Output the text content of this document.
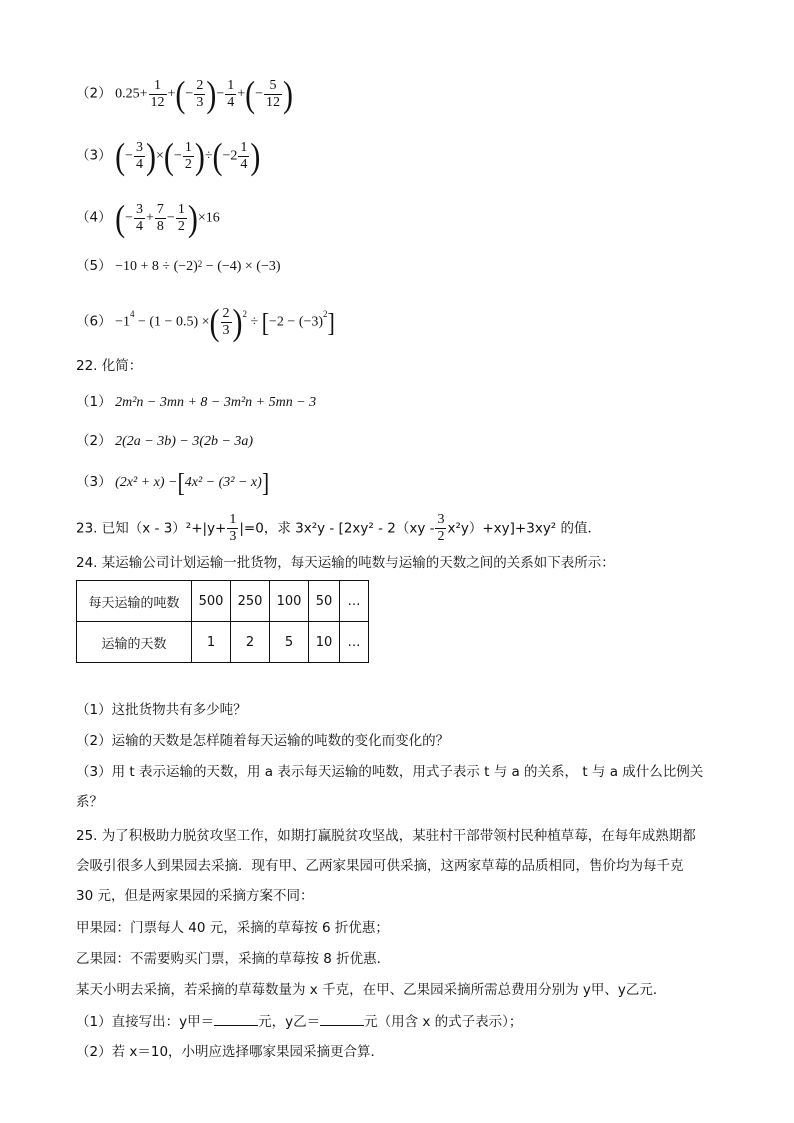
（2） $0.25+ \frac{1}{12}$ +(− $\frac{2}{3}$ )− $\frac{1}{4}$ +(− $\frac{5}{12}$ )
（3） (− $\frac{3}{4}$ )×(− $\frac{1}{2} )\div(-2 \frac{1}{4}$ )
（4） (− $\frac{3}{4} + \frac{7}{8} - \frac{1}{2} )\times 16$
$(5) -10 + 8 \div (-2)^2 - (-4) \times (-3)$
$(6) -1^4 - (1 - 0.5)$ ×( $\frac{2}{3} )^2 \div [-2 - (-3)^2]$
22. 化简：
（1） 2m²n − 3mn + 8 − 3m²n + 5mn − 3
（2） 2(2a − 3b) − 3(2b − 3a)
（3） (2x² + x) −[4x² − (3² − x)]
23. 已知$(x - 3)^2+|y+ \frac{1}{3} |=0$，求 $3x^2y - [2xy^2 - 2(xy - \frac{3}{2} x^2y)+xy]+3xy^2$ 的值．
24. 某运输公司计划运输一批货物，每天运输的吨数与运输的天数之间的关系如下表所示：
每天运输的吨数	500	250	100	50	…
运输的天数	1	2	5	10	…
（1）这批货物共有多少吨？
（2）运输的天数是怎样随着每天运输的吨数的变化而变化的？
（3）用 t 表示运输的天数，用 a 表示每天运输的吨数，用式子表示 t 与 a 的关系， t 与 a 成什么比例关
系？
25. 为了积极助力脱贫攻坚工作，如期打赢脱贫攻坚战，某驻村干部带领村民种植草莓，在每年成熟期都
会吸引很多人到果园去采摘．现有甲、乙两家果园可供采摘，这两家草莓的品质相同，售价均为每千克
30 元，但是两家果园的采摘方案不同：
甲果园：门票每人 40 元，采摘的草莓按 6 折优惠；
乙果园：不需要购买门票，采摘的草莓按 8 折优惠．
某天小明去采摘，若采摘的草莓数量为 x 千克，在甲、乙果园采摘所需总费用分别为 y甲、y乙元．
（1）直接写出：y甲＝	元，y乙＝	元（用含 x 的式子表示）；
（2）若 x＝10，小明应选择哪家果园采摘更合算．
